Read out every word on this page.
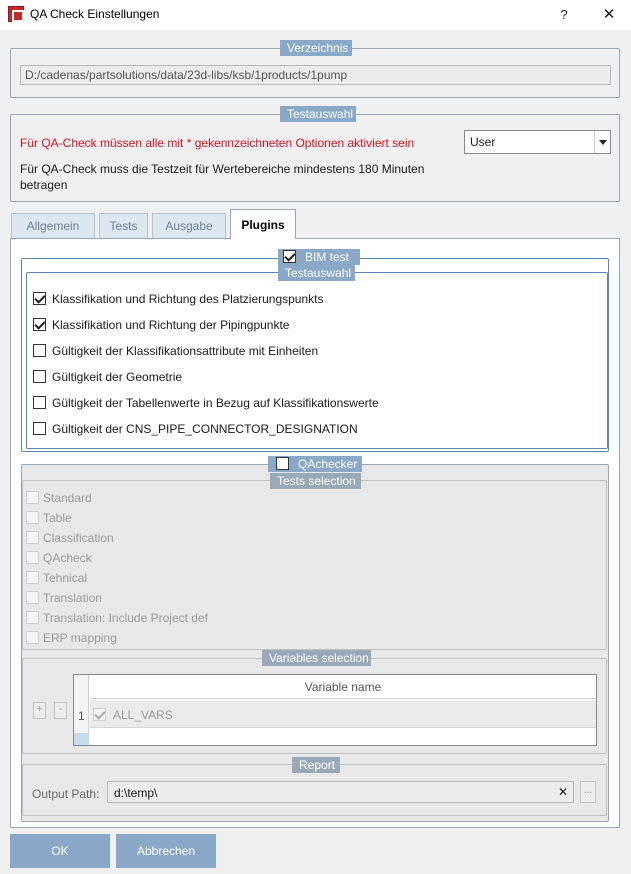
QA Check Einstellungen	?	✕
Verzeichnis
D:/cadenas/partsolutions/data/23d-libs/ksb/1products/1pump
Testauswahl
Für QA-Check müssen alle mit * gekennzeichneten Optionen aktiviert sein
Für QA-Check muss die Testzeit für Wertebereiche mindestens 180 Minuten
betragen
User
Allgemein	Tests	Ausgabe	Plugins
BIM test
Testauswahl
Klassifikation und Richtung des Platzierungspunkts
Klassifikation und Richtung der Pipingpunkte
Gültigkeit der Klassifikationsattribute mit Einheiten
Gültigkeit der Geometrie
Gültigkeit der Tabellenwerte in Bezug auf Klassifikationswerte
Gültigkeit der CNS_PIPE_CONNECTOR_DESIGNATION
QAchecker
Tests selection
Standard
Table
Classification
QAcheck
Tehnical
Translation
Translation: Include Project def
ERP mapping
Variables selection
+	-
Variable name
1 ALL_VARS
Report
Output Path: d:\temp\	✕	...
OK	Abbrechen
